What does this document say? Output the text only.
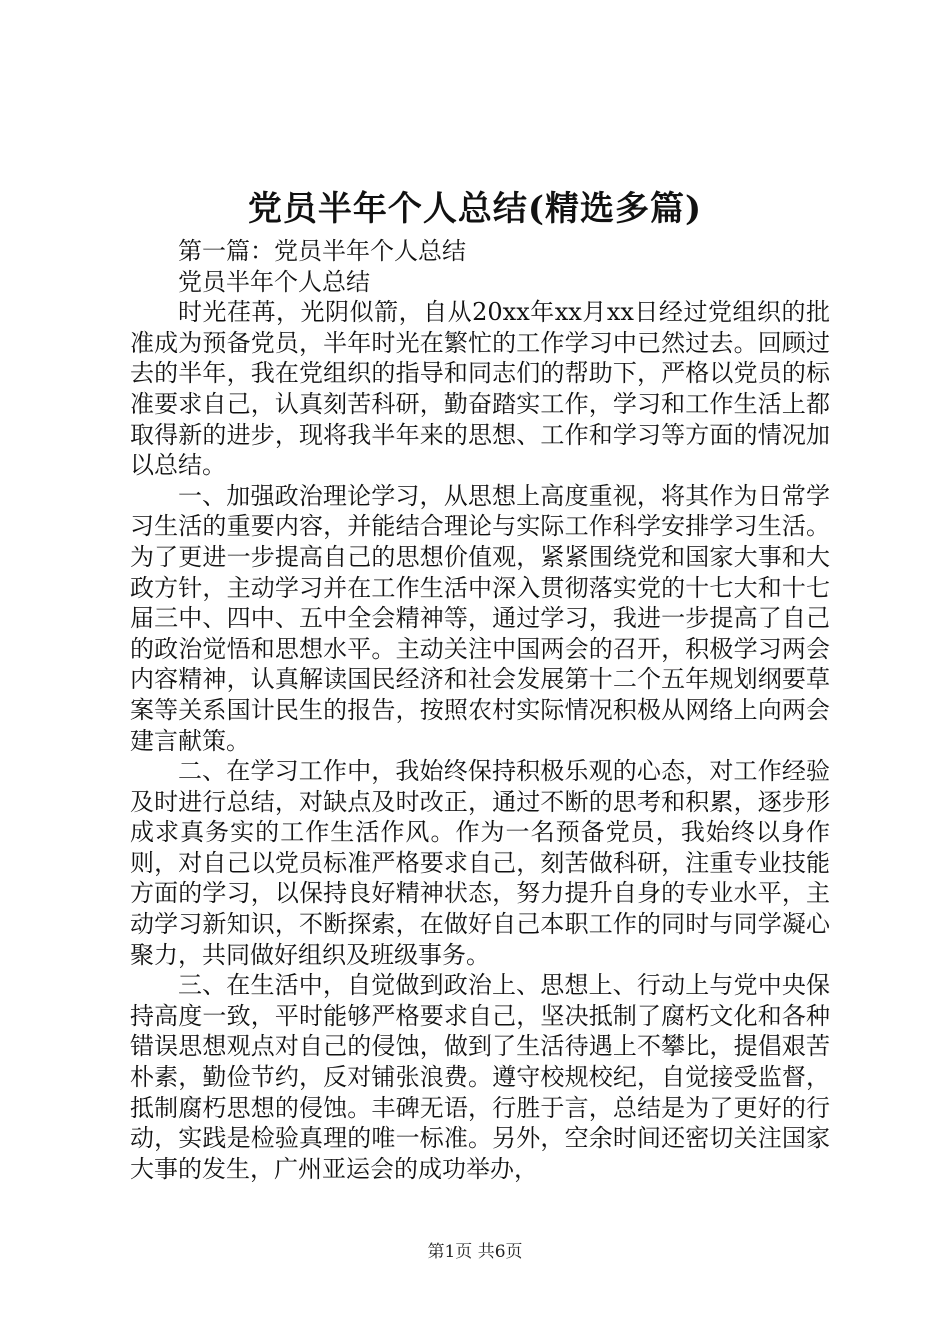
党员半年个人总结(精选多篇)

第一篇：党员半年个人总结

党员半年个人总结

时光荏苒，光阴似箭，自从20xx年xx月xx日经过党组织的批准成为预备党员，半年时光在繁忙的工作学习中已然过去。回顾过去的半年，我在党组织的指导和同志们的帮助下，严格以党员的标准要求自己，认真刻苦科研，勤奋踏实工作，学习和工作生活上都取得新的进步，现将我半年来的思想、工作和学习等方面的情况加以总结。

一、加强政治理论学习，从思想上高度重视，将其作为日常学习生活的重要内容，并能结合理论与实际工作科学安排学习生活。为了更进一步提高自己的思想价值观，紧紧围绕党和国家大事和大政方针，主动学习并在工作生活中深入贯彻落实党的十七大和十七届三中、四中、五中全会精神等，通过学习，我进一步提高了自己的政治觉悟和思想水平。主动关注中国两会的召开，积极学习两会内容精神，认真解读国民经济和社会发展第十二个五年规划纲要草案等关系国计民生的报告，按照农村实际情况积极从网络上向两会建言献策。

二、在学习工作中，我始终保持积极乐观的心态，对工作经验及时进行总结，对缺点及时改正，通过不断的思考和积累，逐步形成求真务实的工作生活作风。作为一名预备党员，我始终以身作则，对自己以党员标准严格要求自己，刻苦做科研，注重专业技能方面的学习，以保持良好精神状态，努力提升自身的专业水平，主动学习新知识，不断探索，在做好自己本职工作的同时与同学凝心聚力，共同做好组织及班级事务。

三、在生活中，自觉做到政治上、思想上、行动上与党中央保持高度一致，平时能够严格要求自己，坚决抵制了腐朽文化和各种错误思想观点对自己的侵蚀，做到了生活待遇上不攀比，提倡艰苦朴素，勤俭节约，反对铺张浪费。遵守校规校纪，自觉接受监督，抵制腐朽思想的侵蚀。丰碑无语，行胜于言，总结是为了更好的行动，实践是检验真理的唯一标准。另外，空余时间还密切关注国家大事的发生，广州亚运会的成功举办，

第1页 共6页
